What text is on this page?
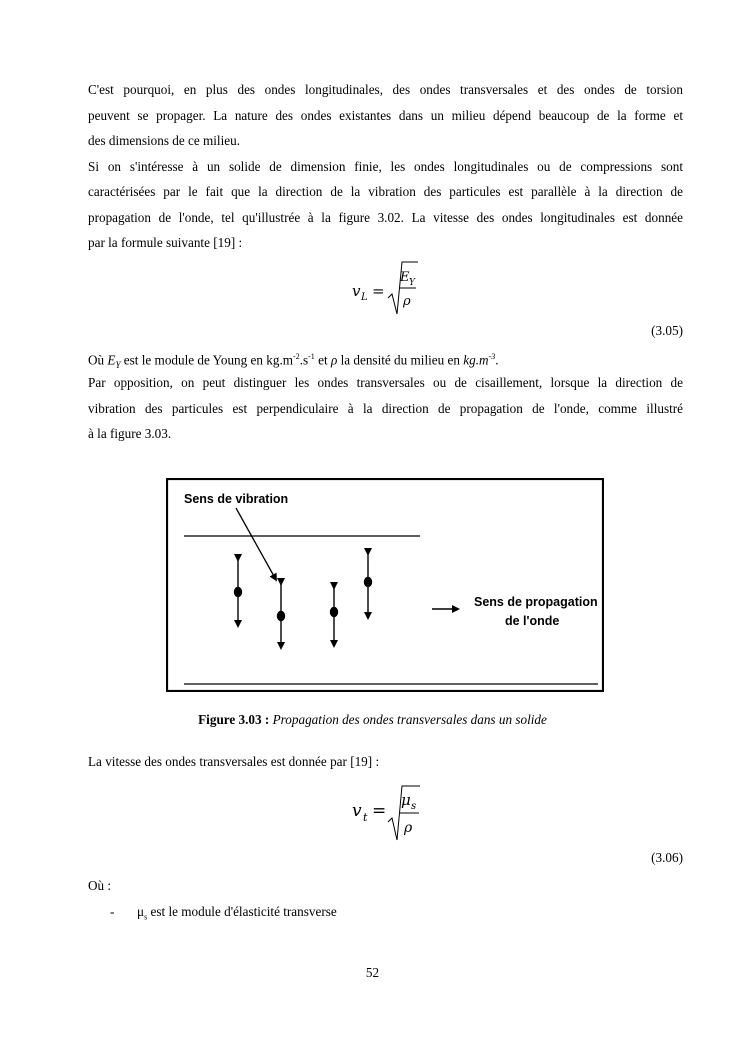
C'est pourquoi, en plus des ondes longitudinales, des ondes transversales et des ondes de torsion
peuvent se propager. La nature des ondes existantes dans un milieu dépend beaucoup de la forme et
des dimensions de ce milieu.
Si on s'intéresse à un solide de dimension finie, les ondes longitudinales ou de compressions sont
caractérisées par le fait que la direction de la vibration des particules est parallèle à la direction de
propagation de l'onde, tel qu'illustrée à la figure 3.02. La vitesse des ondes longitudinales est donnée
par la formule suivante [19] :
v L =
E Y
ρ
(3.05)
Où $E_Y$ est le module de Young en $kg.m^{-2}.s^{-1}$ et ρ la densité du milieu en $kg.m^{-3}$.
Par opposition, on peut distinguer les ondes transversales ou de cisaillement, lorsque la direction de
vibration des particules est perpendiculaire à la direction de propagation de l'onde, comme illustré
à la figure 3.03.
Sens de vibration
Sens de propagation
de l'onde
Figure 3.03 : Propagation des ondes transversales dans un solide
La vitesse des ondes transversales est donnée par [19] :
v t =
μ s
ρ
(3.06)
Où :
- $\mu_s$ est le module d'élasticité transverse
52
